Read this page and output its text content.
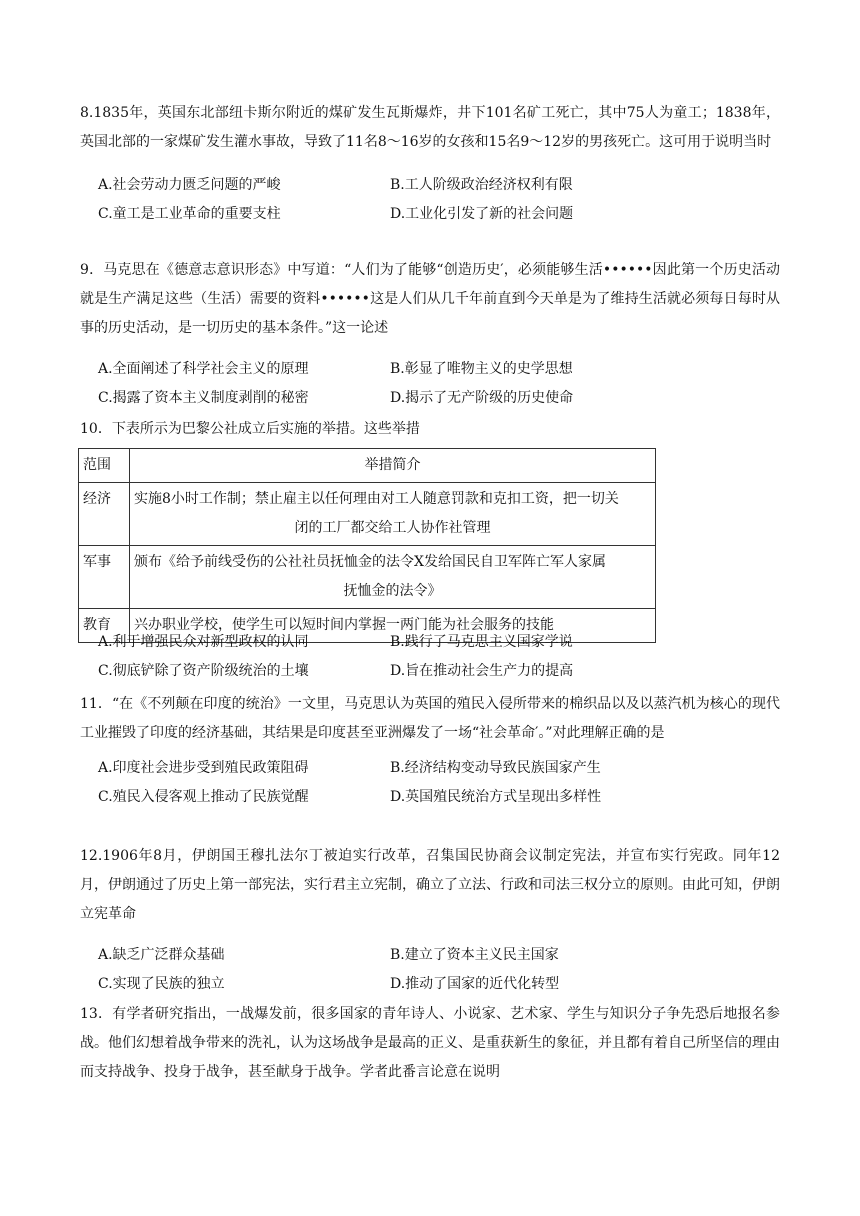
8.1835年，英国东北部纽卡斯尔附近的煤矿发生瓦斯爆炸，井下101名矿工死亡，其中75人为童工；1838年，英国北部的一家煤矿发生灌水事故，导致了11名8～16岁的女孩和15名9～12岁的男孩死亡。这可用于说明当时

A.社会劳动力匮乏问题的严峻	B.工人阶级政治经济权利有限
C.童工是工业革命的重要支柱	D.工业化引发了新的社会问题

9．马克思在《德意志意识形态》中写道：“人们为了能够“创造历史′，必须能够生活••••••因此第一个历史活动就是生产满足这些（生活）需要的资料••••••这是人们从几千年前直到今天单是为了维持生活就必须每日每时从事的历史活动，是一切历史的基本条件。”这一论述

A.全面阐述了科学社会主义的原理	B.彰显了唯物主义的史学思想
C.揭露了资本主义制度剥削的秘密	D.揭示了无产阶级的历史使命

10．下表所示为巴黎公社成立后实施的举措。这些举措

范围	举措简介
经济	实施8小时工作制；禁止雇主以任何理由对工人随意罚款和克扣工资，把一切关
闭的工厂都交给工人协作社管理

军事	颁布《给予前线受伤的公社社员抚恤金的法令X发给国民自卫军阵亡军人家属
抚恤金的法令》

教育	兴办职业学校，使学生可以短时间内掌握一两门能为社会服务的技能
A.利于增强民众对新型政权的认同	B.践行了马克思主义国家学说
C.彻底铲除了资产阶级统治的土壤	D.旨在推动社会生产力的提高

11．“在《不列颠在印度的统治》一文里，马克思认为英国的殖民入侵所带来的棉织品以及以蒸汽机为核心的现代工业摧毁了印度的经济基础，其结果是印度甚至亚洲爆发了一场“社会革命′。”对此理解正确的是

A.印度社会进步受到殖民政策阻碍	B.经济结构变动导致民族国家产生
C.殖民入侵客观上推动了民族觉醒	D.英国殖民统治方式呈现出多样性

12.1906年8月，伊朗国王穆扎法尔丁被迫实行改革，召集国民协商会议制定宪法，并宣布实行宪政。同年12月，伊朗通过了历史上第一部宪法，实行君主立宪制，确立了立法、行政和司法三权分立的原则。由此可知，伊朗立宪革命

A.缺乏广泛群众基础	B.建立了资本主义民主国家
C.实现了民族的独立	D.推动了国家的近代化转型

13．有学者研究指出，一战爆发前，很多国家的青年诗人、小说家、艺术家、学生与知识分子争先恐后地报名参战。他们幻想着战争带来的洗礼，认为这场战争是最高的正义、是重获新生的象征，并且都有着自己所坚信的理由而支持战争、投身于战争，甚至献身于战争。学者此番言论意在说明
